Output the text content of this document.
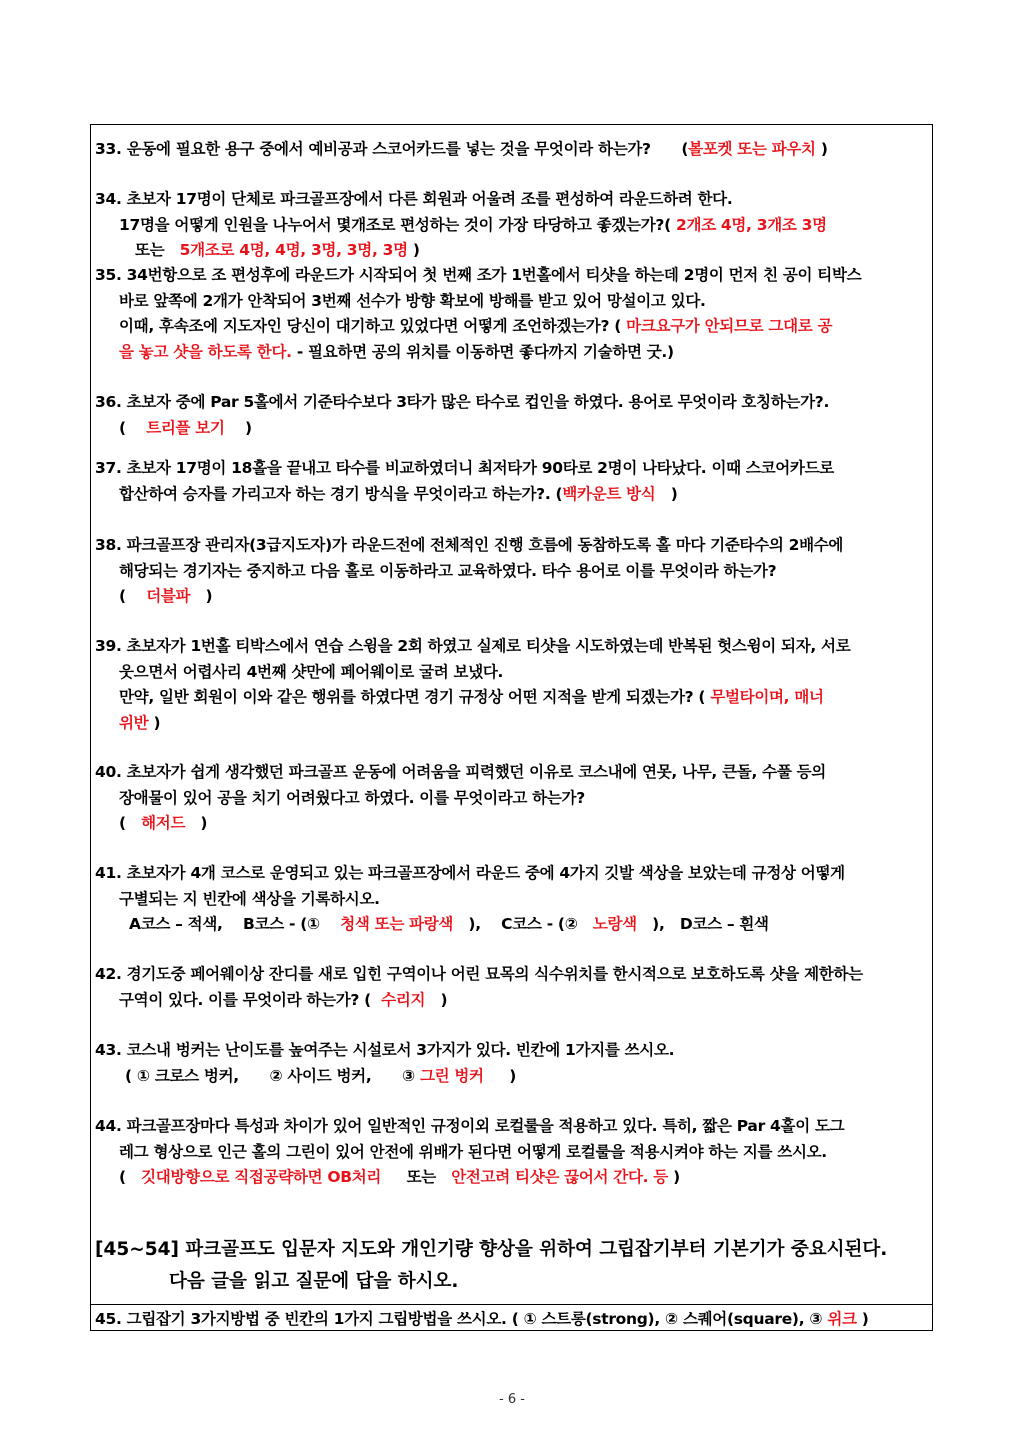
33. 운동에 필요한 용구 중에서 예비공과 스코어카드를 넣는 것을 무엇이라 하는가? (볼포켓 또는 파우치 )
34. 초보자 17명이 단체로 파크골프장에서 다른 회원과 어울려 조를 편성하여 라운드하려 한다.
17명을 어떻게 인원을 나누어서 몇개조로 편성하는 것이 가장 타당하고 좋겠는가?( 2개조 4명, 3개조 3명
또는 5개조로 4명, 4명, 3명, 3명, 3명 )
35. 34번항으로 조 편성후에 라운드가 시작되어 첫 번째 조가 1번홀에서 티샷을 하는데 2명이 먼저 친 공이 티박스
바로 앞쪽에 2개가 안착되어 3번째 선수가 방향 확보에 방해를 받고 있어 망설이고 있다.
이때, 후속조에 지도자인 당신이 대기하고 있었다면 어떻게 조언하겠는가? ( 마크요구가 안되므로 그대로 공
을 놓고 샷을 하도록 한다. - 필요하면 공의 위치를 이동하면 좋다까지 기술하면 굿.)
36. 초보자 중에 Par 5홀에서 기준타수보다 3타가 많은 타수로 컵인을 하였다. 용어로 무엇이라 호칭하는가?.
( 트리플 보기 )
37. 초보자 17명이 18홀을 끝내고 타수를 비교하였더니 최저타가 90타로 2명이 나타났다. 이때 스코어카드로
합산하여 승자를 가리고자 하는 경기 방식을 무엇이라고 하는가?. (백카운트 방식 )
38. 파크골프장 관리자(3급지도자)가 라운드전에 전체적인 진행 흐름에 동참하도록 홀 마다 기준타수의 2배수에
해당되는 경기자는 중지하고 다음 홀로 이동하라고 교육하였다. 타수 용어로 이를 무엇이라 하는가?
( 더블파 )
39. 초보자가 1번홀 티박스에서 연습 스윙을 2회 하였고 실제로 티샷을 시도하였는데 반복된 헛스윙이 되자, 서로
웃으면서 어렵사리 4번째 샷만에 페어웨이로 굴려 보냈다.
만약, 일반 회원이 이와 같은 행위를 하였다면 경기 규정상 어떤 지적을 받게 되겠는가? ( 무벌타이며, 매너
위반 )
40. 초보자가 쉽게 생각했던 파크골프 운동에 어려움을 피력했던 이유로 코스내에 연못, 나무, 큰돌, 수풀 등의
장애물이 있어 공을 치기 어려웠다고 하였다. 이를 무엇이라고 하는가?
( 해저드 )
41. 초보자가 4개 코스로 운영되고 있는 파크골프장에서 라운드 중에 4가지 깃발 색상을 보았는데 규정상 어떻게
구별되는 지 빈칸에 색상을 기록하시오.
A코스 – 적색, B코스 - (① 청색 또는 파랑색 ), C코스 - (② 노랑색 ), D코스 – 흰색
42. 경기도중 페어웨이상 잔디를 새로 입힌 구역이나 어린 묘목의 식수위치를 한시적으로 보호하도록 샷을 제한하는
구역이 있다. 이를 무엇이라 하는가? ( 수리지 )
43. 코스내 벙커는 난이도를 높여주는 시설로서 3가지가 있다. 빈칸에 1가지를 쓰시오.
( ① 크로스 벙커, ② 사이드 벙커, ③ 그린 벙커 )
44. 파크골프장마다 특성과 차이가 있어 일반적인 규정이외 로컬룰을 적용하고 있다. 특히, 짧은 Par 4홀이 도그
레그 형상으로 인근 홀의 그린이 있어 안전에 위배가 된다면 어떻게 로컬룰을 적용시켜야 하는 지를 쓰시오.
( 깃대방향으로 직접공략하면 OB처리 또는 안전고려 티샷은 끊어서 간다. 등 )
[45~54] 파크골프도 입문자 지도와 개인기량 향상을 위하여 그립잡기부터 기본기가 중요시된다.
다음 글을 읽고 질문에 답을 하시오.
45. 그립잡기 3가지방법 중 빈칸의 1가지 그립방법을 쓰시오. ( ① 스트롱(strong), ② 스퀘어(square), ③ 위크 )
- 6 -
